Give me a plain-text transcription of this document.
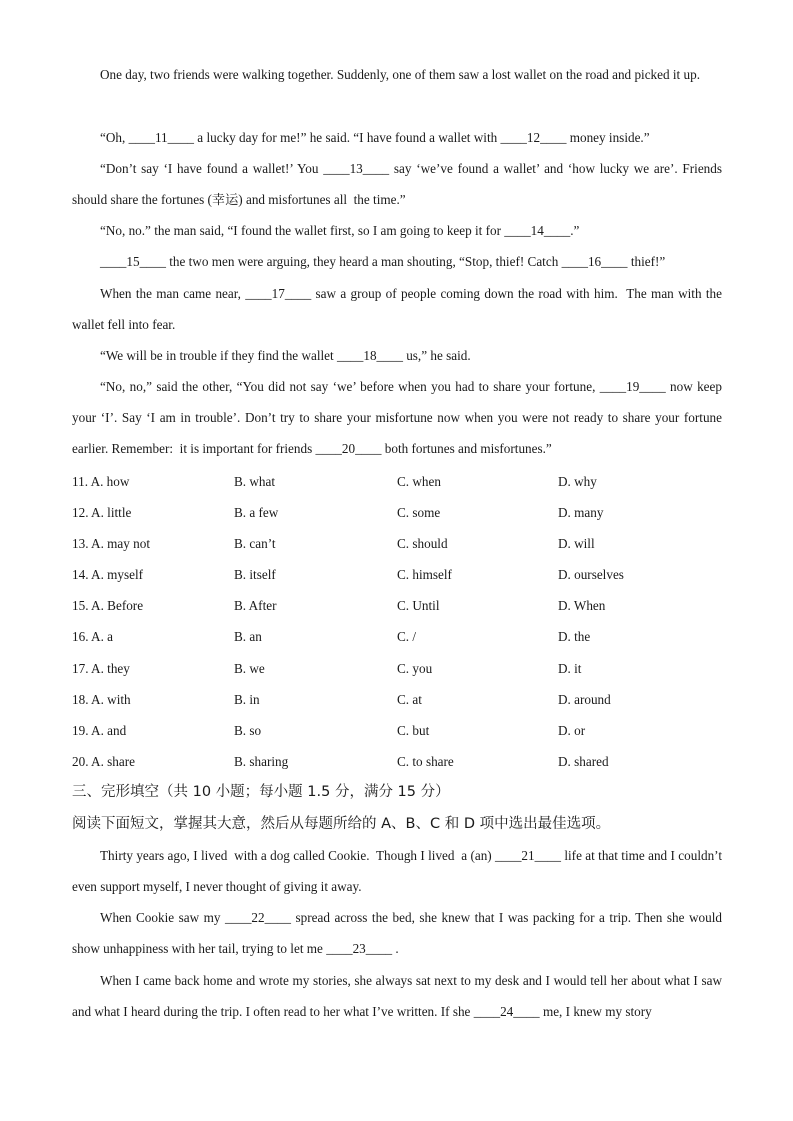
One day, two friends were walking together. Suddenly, one of them saw a lost wallet on the road and picked it up.

“Oh, ____11____ a lucky day for me!” he said. “I have found a wallet with ____12____ money inside.”

“Don’t say ‘I have found a wallet!’ You ____13____ say ‘we’ve found a wallet’ and ‘how lucky we are’. Friends should share the fortunes (幸运) and misfortunes all  the time.”

“No, no.” the man said, “I found the wallet first, so I am going to keep it for ____14____.”

____15____ the two men were arguing, they heard a man shouting, “Stop, thief! Catch ____16____ thief!”

When the man came near, ____17____ saw a group of people coming down the road with him.  The man with the wallet fell into fear.

“We will be in trouble if they find the wallet ____18____ us,” he said.

“No, no,” said the other, “You did not say ‘we’ before when you had to share your fortune, ____19____ now keep your ‘I’. Say ‘I am in trouble’. Don’t try to share your misfortune now when you were not ready to share your fortune earlier. Remember:  it is important for friends ____20____ both fortunes and misfortunes.”

11. A. how	B. what	C. when	D. why
12. A. little	B. a few	C. some	D. many
13. A. may not	B. can’t	C. should	D. will
14. A. myself	B. itself	C. himself	D. ourselves
15. A. Before	B. After	C. Until	D. When
16. A. a	B. an	C. /	D. the
17. A. they	B. we	C. you	D. it
18. A. with	B. in	C. at	D. around
19. A. and	B. so	C. but	D. or
20. A. share	B. sharing	C. to share	D. shared

三、完形填空（共 10 小题；每小题 1.5 分，满分 15 分）

阅读下面短文，掌握其大意，然后从每题所给的 A、B、C 和 D 项中选出最佳选项。

Thirty years ago, I lived  with a dog called Cookie.  Though I lived  a (an) ____21____ life at that time and I couldn’t even support myself, I never thought of giving it away.

When Cookie saw my ____22____ spread across the bed, she knew that I was packing for a trip. Then she would show unhappiness with her tail, trying to let me ____23____ .

When I came back home and wrote my stories, she always sat next to my desk and I would tell her about what I saw and what I heard during the trip. I often read to her what I’ve written. If she ____24____ me, I knew my story
